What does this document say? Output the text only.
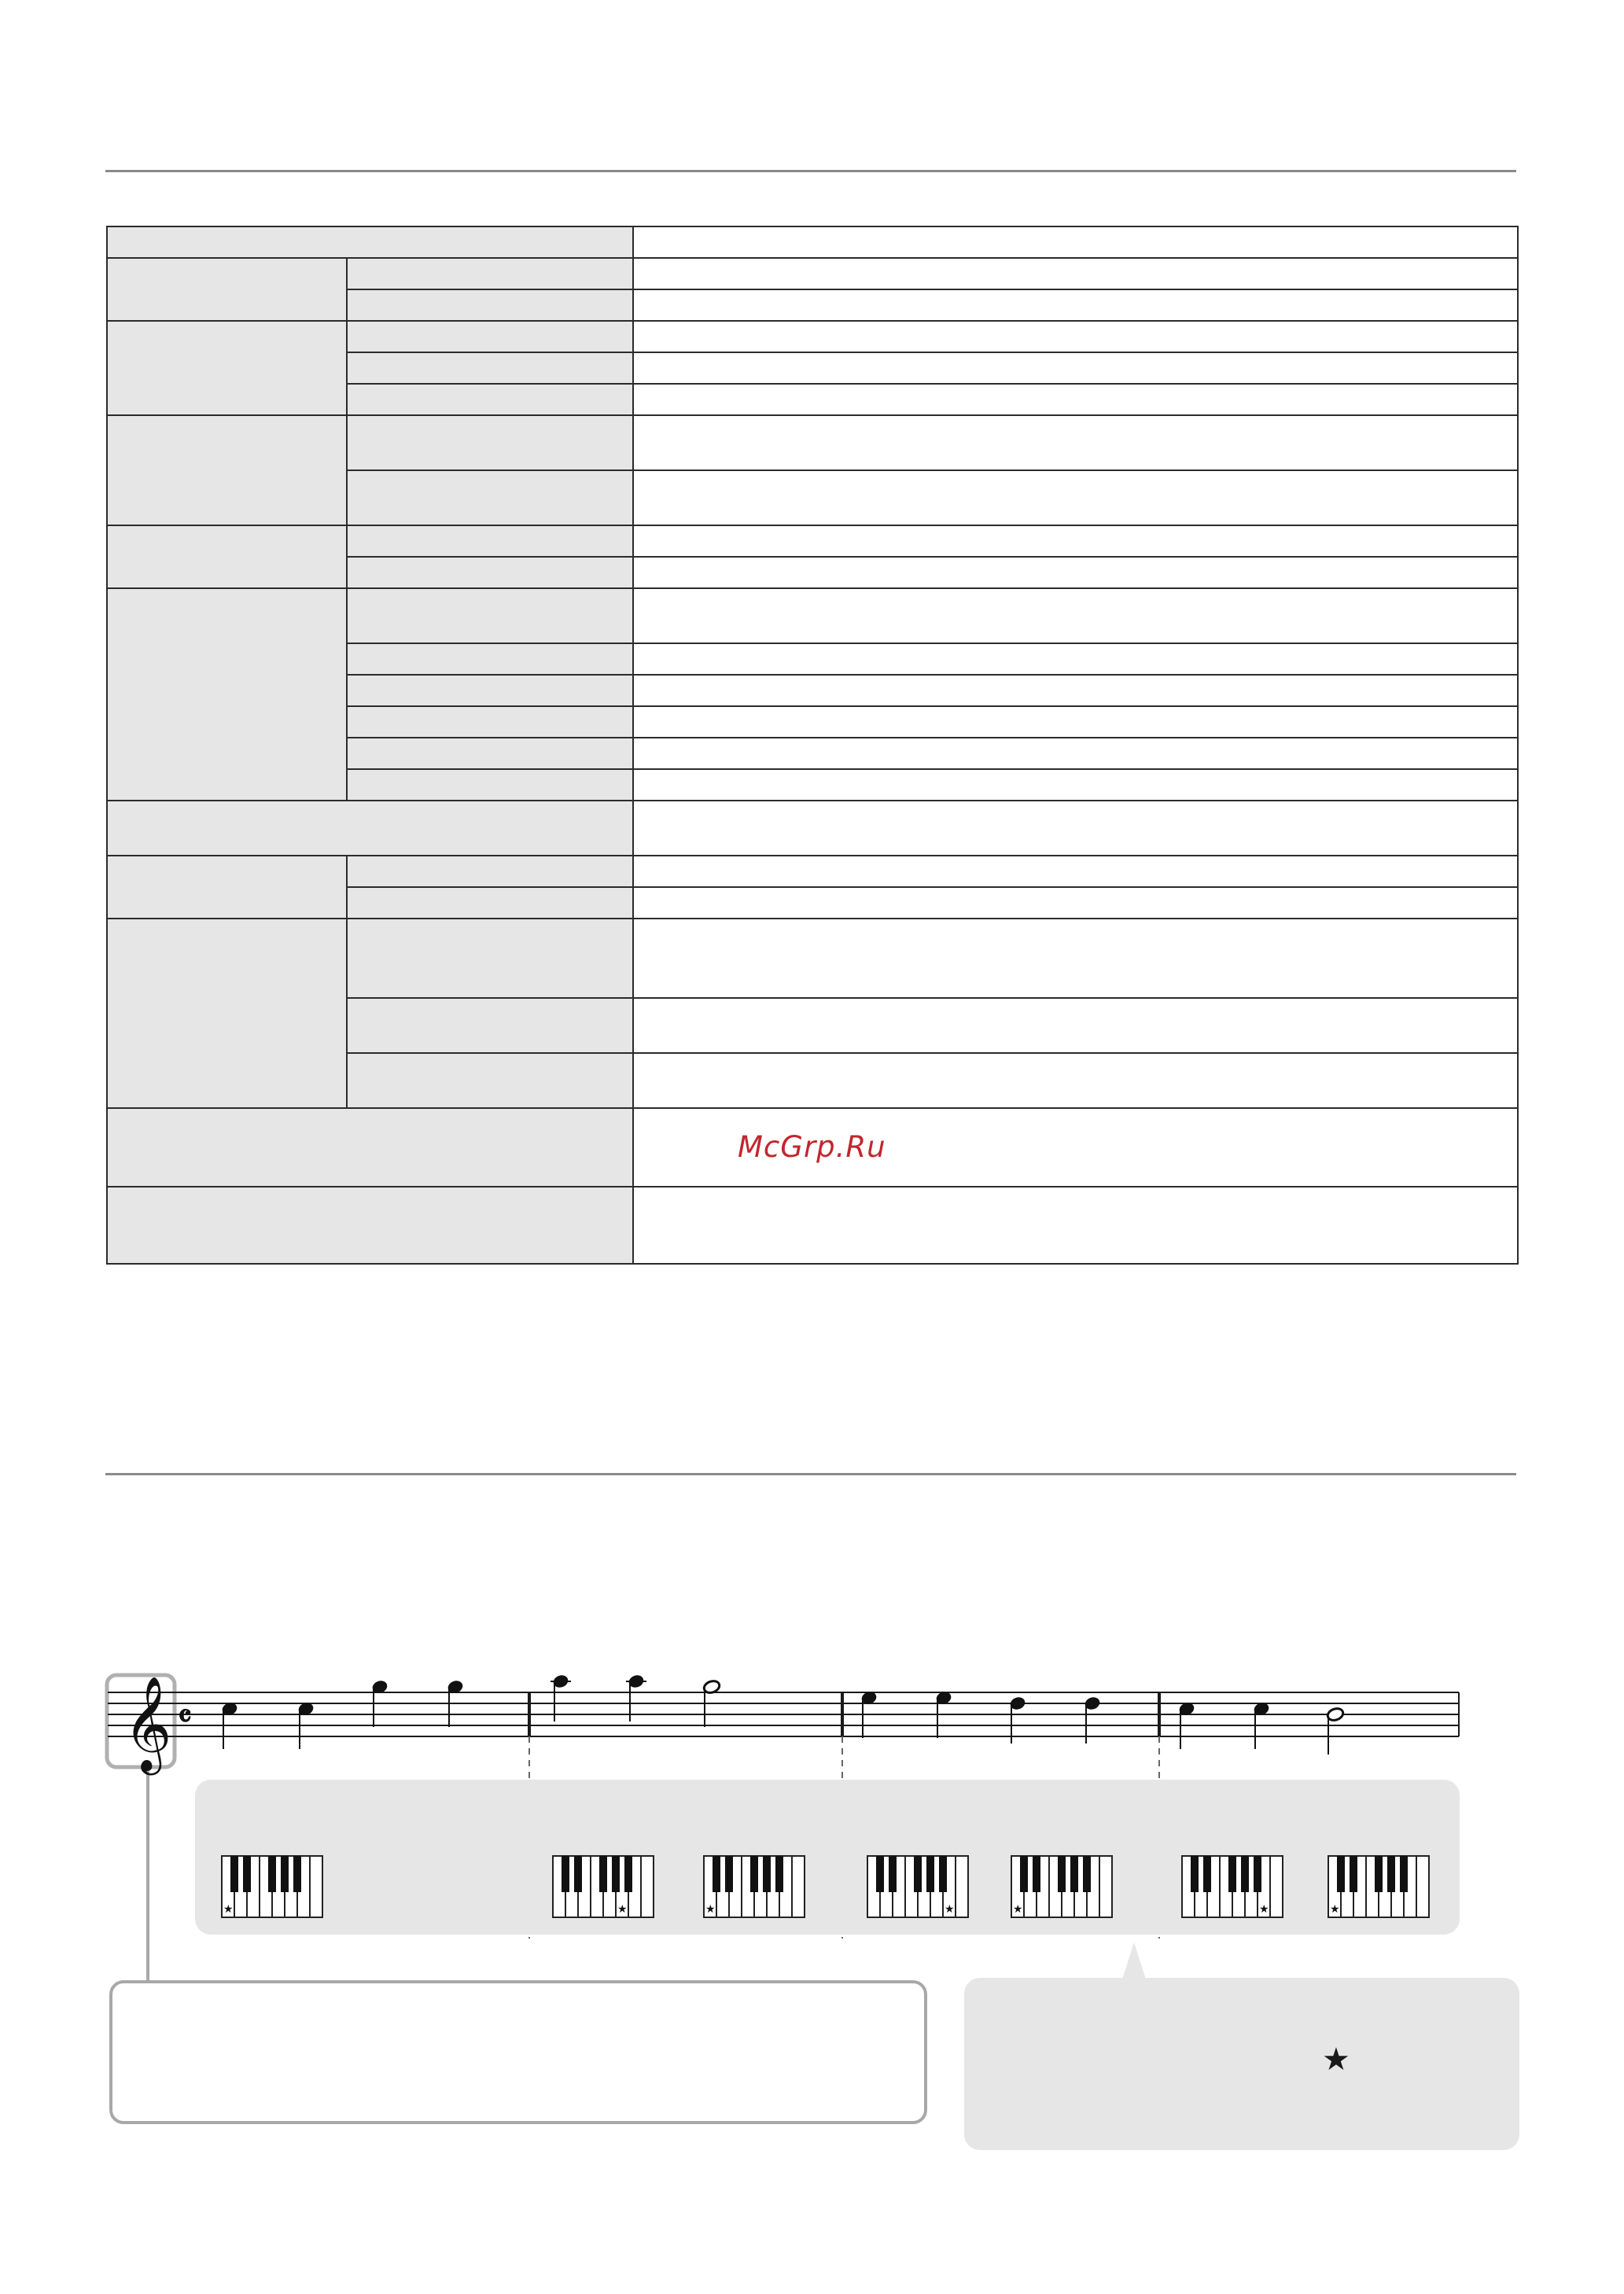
McGrp.Ru
𝄞 𝄴
★	★	★	★	★	★	★
★
